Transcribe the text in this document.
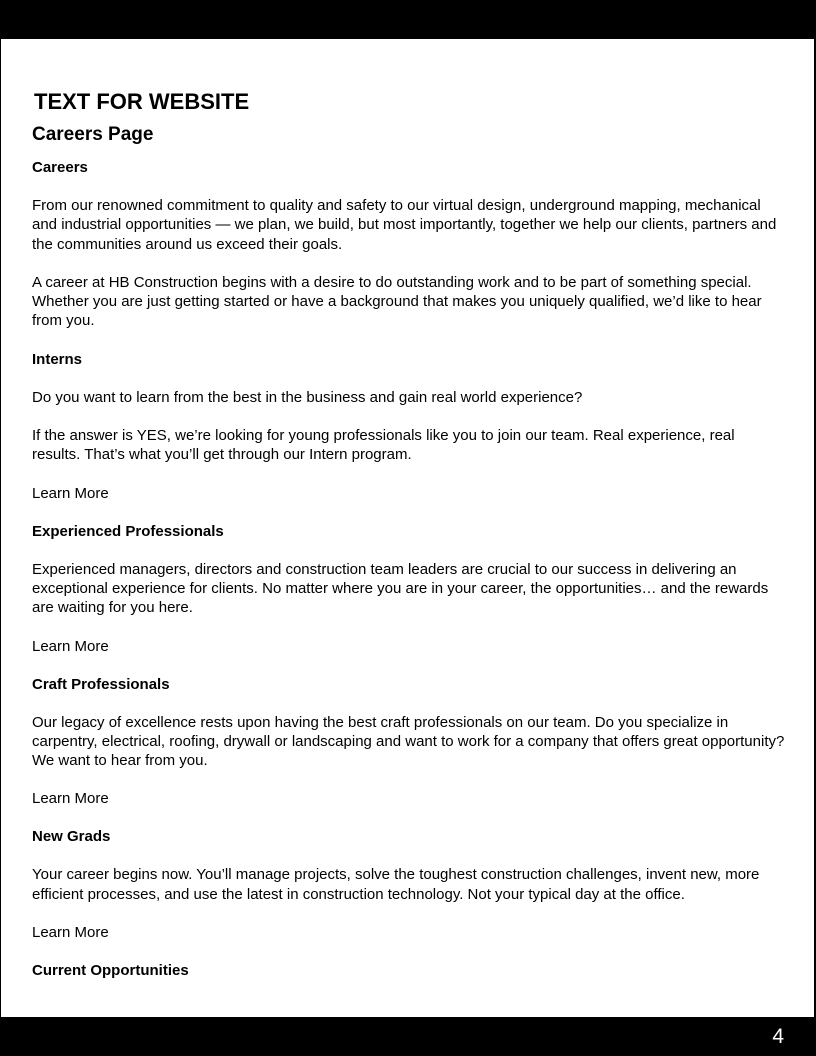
TEXT FOR WEBSITE
Careers Page
Careers
From our renowned commitment to quality and safety to our virtual design, underground mapping, mechanical and industrial opportunities — we plan, we build, but most importantly, together we help our clients, partners and the communities around us exceed their goals.
A career at HB Construction begins with a desire to do outstanding work and to be part of something special. Whether you are just getting started or have a background that makes you uniquely qualified, we’d like to hear from you.
Interns
Do you want to learn from the best in the business and gain real world experience?
If the answer is YES, we’re looking for young professionals like you to join our team. Real experience, real results. That’s what you’ll get through our Intern program.
Learn More
Experienced Professionals
Experienced managers, directors and construction team leaders are crucial to our success in delivering an exceptional experience for clients. No matter where you are in your career, the opportunities… and the rewards are waiting for you here.
Learn More
Craft Professionals
Our legacy of excellence rests upon having the best craft professionals on our team. Do you specialize in carpentry, electrical, roofing, drywall or landscaping and want to work for a company that offers great opportunity? We want to hear from you.
Learn More
New Grads
Your career begins now. You’ll manage projects, solve the toughest construction challenges, invent new, more efficient processes, and use the latest in construction technology. Not your typical day at the office.
Learn More
Current Opportunities
4
